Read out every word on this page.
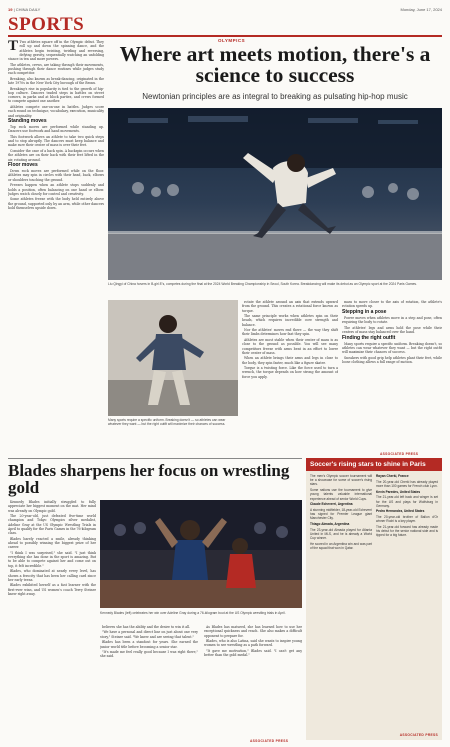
19 | CHINA DAILY	Monday, June 17, 2024
SPORTS

T Two athletes square off in the Olympic debut. They roll up and down the spinning dance, and the athletes begin twisting, twirling and reversing, defying gravity, sequentially watching an unfolding stance in ten and more powers.

The athletes, crews, are taking through their movements, pushing through their dance routines while judges study each competitor.

Breaking, also known as break-dancing, originated in the late 1970s in the New York City borough of the Bronx.

Breaking's rise in popularity is tied to the growth of hip-hop culture. Dancers traded steps in battles on street corners, in parks and at block parties, and crews formed to compete against one another.

Athletes compete one-on-one in battles. Judges score each round on technique, vocabulary, execution, musicality and originality.

Standing moves

Top rock moves are performed while standing up. Dancers use footwork and hand movements.

This footwork allows an athlete to take two quick steps and to stop abruptly. The dancers must keep balance and make sure their center of mass is over their feet.

Consider the case of a back spin. A backspin occurs when the athletes are on their back with their feet lifted in the air, rotating around.

Floor moves

Down rock moves are performed while on the floor. Athletes may spin in circles with their head, back, elbows or shoulders touching the ground.

Freezes happen when an athlete stops suddenly and holds a position, often balancing on one hand or elbow. Judges watch closely for control and creativity.

Some athletes freeze with the body held entirely above the ground, supported only by an arm, while other dancers hold themselves upside down.

OLYMPICS
Where art meets motion, there's a science to success
Newtonian principles are as integral to breaking as pulsating hip-hop music
Liu Qingyi of China hovers in B-girl 8"s, competes during the final at the 2024 World Breaking Championship in Seoul, South Korea. Breakdancing will make its debut as an Olympic sport at the 2024 Paris Games.
Many sports require a specific uniform. Breaking doesn't — so athletes can wear whatever they want — but the right outfit will maximize their chances of success.

rotate the athlete around an axis that extends upward from the ground. This creates a rotational force known as torque.

The same principle works when athletes spin on their heads, which requires incredible core strength and balance.

Nor the athletes' moves end there — the way they shift their limbs determines how fast they spin.

Athletes are most stable when their center of mass is as close to the ground as possible. You will see many competitors freeze with arms bent in an effort to lower their center of mass.

When an athlete brings their arms and legs in close to the body, they spin faster, much like a figure skater.

Torque is a twisting force. Like the force used to turn a wrench, the torque depends on how strong the amount of force you apply.

mass to move closer to the axis of rotation, the athlete's rotation speeds up.

Stepping in a pose

Power moves when athletes move in a step and pose, often requiring the body to rotate.

The athletes' legs and arms hold the pose while their centers of mass stay balanced over the hand.

Finding the right outfit

Many sports require a specific uniform. Breaking doesn't, so athletes can wear whatever they want — but the right outfit will maximize their chances of success.

Sneakers with good grip help athletes plant their feet, while loose clothing allows a full range of motion.

ASSOCIATED PRESS
Blades sharpens her focus on wrestling gold
Kennedy Blades (left) celebrates her win over Adeline Gray during a 76-kilogram bout at the US Olympic wrestling trials in April.

Kennedy Blades initially struggled to fully appreciate her biggest moment on the mat. Her mind was already on Olympic gold.

The 20-year-old, just defeated five-time world champion and Tokyo Olympics silver medalist, Adeline Gray at the US Olympic Wrestling Trials in April to qualify for the Paris Games in the 76-kilogram class.

Blades barely reacted a smile, already thinking ahead to possibly winning the biggest prize of her career.

"I think I was surprised," she said. "I just think everything she has done in the sport is amazing. But to be able to compete against her and come out on top, it felt incredible."

Blades, who dominated at nearly every level, has shown a ferocity that has been her calling card since her early teens.

Blades exhibited herself as a fast learner with the first-ever wins, and US women's coach Terry Steiner knew right away.

believes she has the ability and the desire to win it all.

"We have a personal and direct line on just about one very story," Steiner said. "We knew and are seeing that talent."

Blades has been a standout for years. She earned the junior world title before becoming a senior star.

"It's made me feel really good because I was right there," she said.

As Blades has matured, she has learned how to use her exceptional quickness and reach. She also makes a difficult opponent to prepare for.

Blades, who is also Latina, said she wants to inspire young women to see wrestling as a path forward.

"It gave me motivation," Blades said. "I can't get any better than the gold medal."

ASSOCIATED PRESS
Soccer's rising stars to shine in Paris

The men's Olympic soccer tournament will be a showcase for some of soccer's rising stars.

Some nations use the tournament to give young talents valuable international experience ahead of senior World Cups.

Claude Echeverri, Argentina

A stunning midfielder, 18-year-old Echeverri has signed for Premier League giant Manchester City.

Thiago Almada, Argentina

The 23-year-old Almada played for Atlanta United in MLS, and he is already a World Cup winner.

He scored in an Argentina win and was part of the squad that won in Qatar.

Rayan Cherki, France

The 20-year-old Cherki has already played more than 100 games for French club Lyon.

Kevin Paredes, United States

The 21-year-old left back and winger is set for the US and plays for Wolfsburg in Germany.

Pedro Hernandez, United States

The 20-year-old brother of Ballon d'Or winner Rodri is a key player.

The 21-year-old forward has already made his debut for the senior national side and is tipped for a big future.

ASSOCIATED PRESS
